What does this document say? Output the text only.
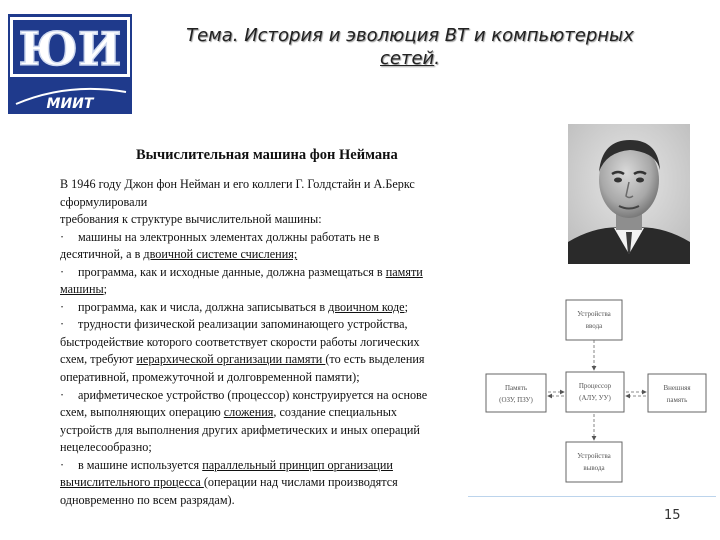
ЮИ
МИИТ
Тема. История и эволюция ВТ и компьютерных
сетей.
Вычислительная машина фон Неймана
В 1946 году Джон фон Нейман и его коллеги Г. Голдстайн и А.Беркс
сформулировали
требования к структуре вычислительной машины:
· машины на электронных элементах должны работать не в
десятичной, а в двоичной системе счисления;
· программа, как и исходные данные, должна размещаться в памяти
машины;
· программа, как и числа, должна записываться в двоичном коде;
· трудности физической реализации запоминающего устройства,
быстродействие которого соответствует скорости работы логических
схем, требуют иерархической организации памяти (то есть выделения
оперативной, промежуточной и долговременной памяти);
· арифметическое устройство (процессор) конструируется на основе
схем, выполняющих операцию сложения, создание специальных
устройств для выполнения других арифметических и иных операций
нецелесообразно;
· в машине используется параллельный принцип организации
вычислительного процесса (операции над числами производятся
одновременно по всем разрядам).
Устройства
ввода
Память
(ОЗУ, ПЗУ)
Процессор
(АЛУ, УУ)
Внешняя
память
Устройства
вывода
15
